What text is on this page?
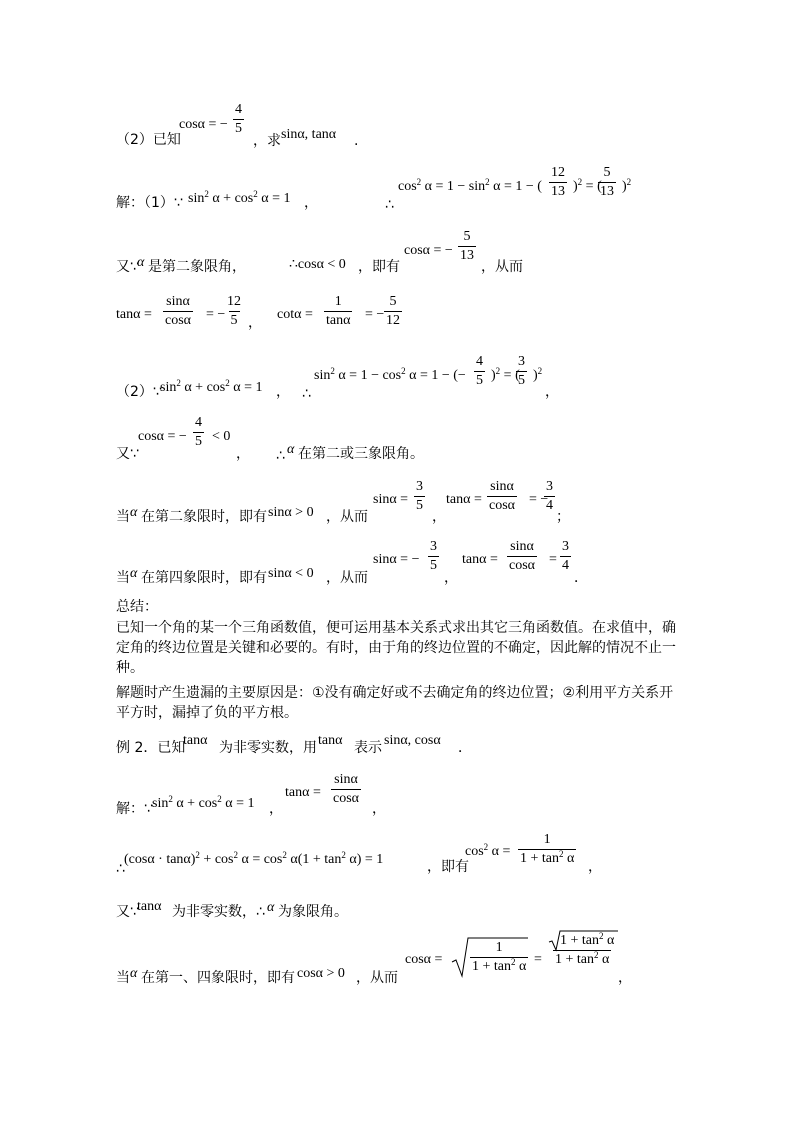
（2）已知
cosα = − $\frac{4}{5}$
，求 sinα, tanα .
解：（1）∵ $\sin^2 \alpha + \cos^2 \alpha = 1$ ，	∴
$\cos^2 \alpha = 1 - \sin^2 \alpha = 1$ − ( $\frac{12}{13} )^2$ = (
$\frac{5}{13} )^2$
又∵
α 是第二象限角，	∴cosα < 0 ，即有
cosα = − $\frac{5}{13}$
，从而
$\tan\alpha = \frac{\sin\alpha}{\cos\alpha}$ = − $\frac{12}{5}$ ，
$\cot\alpha = \frac{1}{\tan\alpha}$ = − $\frac{5}{12}$
（2）∵
$\sin^2 \alpha + \cos^2 \alpha = 1$ ， ∴
$\sin^2 \alpha = 1 - \cos^2 \alpha = 1$ − (− $\frac{4}{5} )^2$ = (
$\frac{3}{5} )^2$
，
又∵
cosα = − $\frac{4}{5} < 0$
， ∴ α 在第二或三象限角。
当 α 在第二象限时，即有 sinα > 0 ，从而
$\sin\alpha = \frac{3}{5}$
，
$\tan\alpha = \frac{\sin\alpha}{\cos\alpha}$ = −
$\frac{3}{4}$
；
当 α 在第四象限时，即有 sinα < 0 ，从而
sinα = − $\frac{3}{5}$
，
$\tan\alpha = \frac{\sin\alpha}{\cos\alpha} = \frac{3}{4}$
．
总结：
已知一个角的某一个三角函数值，便可运用基本关系式求出其它三角函数值。在求值中，确定角的终边位置是关键和必要的。有时，由于角的终边位置的不确定，因此解的情况不止一种。
解题时产生遗漏的主要原因是：①没有确定好或不去确定角的终边位置；②利用平方关系开平方时，漏掉了负的平方根。
例 2．已知
tanα 为非零实数，用 tanα 表示 sinα, cosα ．
解：∵ $\sin^2 \alpha + \cos^2 \alpha = 1$ ，
$\tan\alpha = \frac{\sin\alpha}{\cos\alpha}$
，
∴
$(\cos\alpha \cdot \tan\alpha)^2 + \cos^2 \alpha = \cos^2 \alpha(1 + \tan^2 \alpha) = 1$	，即有
$\cos^2 \alpha = \frac{1}{1 + \tan^2 \alpha}$
，
又∵
tanα 为非零实数，∴ α 为象限角。
当 α 在第一、四象限时，即有 cosα > 0 ，从而
$\cos\alpha = \frac{1}{1 + \tan^2 \alpha} = \frac{1 + \tan^2 \alpha}{1 + \tan^2 \alpha}$
，
